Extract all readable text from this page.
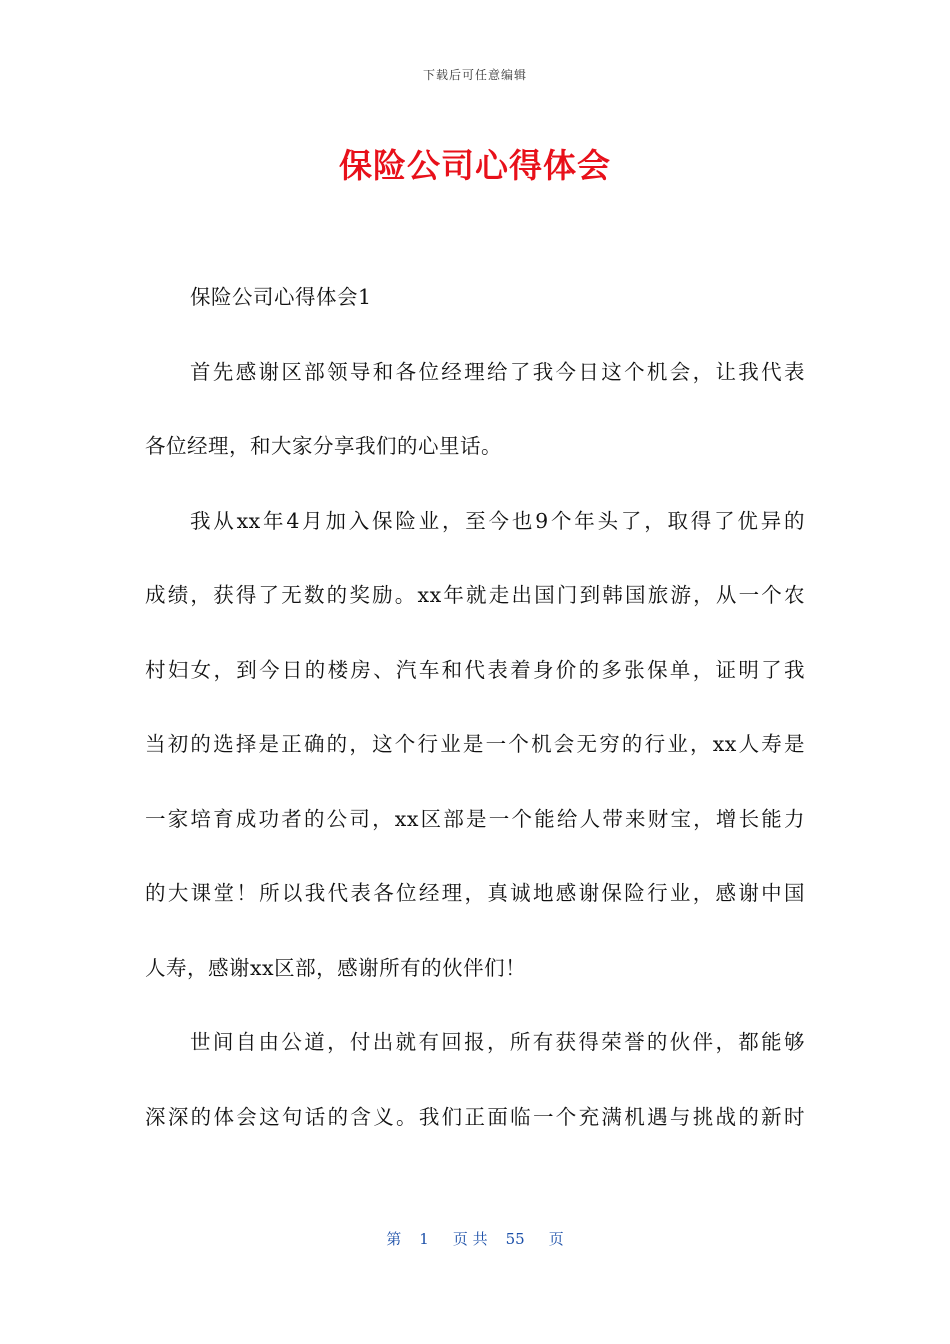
下载后可任意编辑
保险公司心得体会
保险公司心得体会1
首先感谢区部领导和各位经理给了我今日这个机会，让我代表
各位经理，和大家分享我们的心里话。
我从xx年4月加入保险业，至今也9个年头了，取得了优异的
成绩，获得了无数的奖励。xx年就走出国门到韩国旅游，从一个农
村妇女，到今日的楼房、汽车和代表着身价的多张保单，证明了我
当初的选择是正确的，这个行业是一个机会无穷的行业，xx人寿是
一家培育成功者的公司，xx区部是一个能给人带来财宝，增长能力
的大课堂！所以我代表各位经理，真诚地感谢保险行业，感谢中国
人寿，感谢xx区部，感谢所有的伙伴们！
世间自由公道，付出就有回报，所有获得荣誉的伙伴，都能够
深深的体会这句话的含义。我们正面临一个充满机遇与挑战的新时
第 1 页 共 55 页
